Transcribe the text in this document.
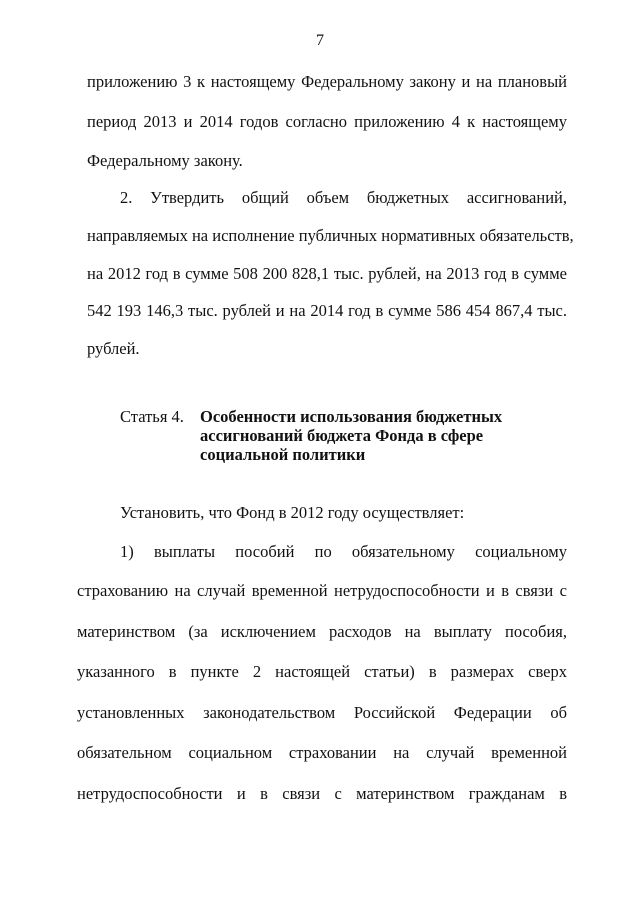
7
приложению 3 к настоящему Федеральному закону и на плановый
период 2013 и 2014 годов согласно приложению 4 к настоящему
Федеральному закону.
2. Утвердить общий объем бюджетных ассигнований,
направляемых на исполнение публичных нормативных обязательств,
на 2012 год в сумме 508 200 828,1 тыс. рублей, на 2013 год в сумме
542 193 146,3 тыс. рублей и на 2014 год в сумме 586 454 867,4 тыс.
рублей.
Статья 4. Особенности использования бюджетных
ассигнований бюджета Фонда в сфере
социальной политики
Установить, что Фонд в 2012 году осуществляет:
1) выплаты пособий по обязательному социальному
страхованию на случай временной нетрудоспособности и в связи с
материнством (за исключением расходов на выплату пособия,
указанного в пункте 2 настоящей статьи) в размерах сверх
установленных законодательством Российской Федерации об
обязательном социальном страховании на случай временной
нетрудоспособности и в связи с материнством гражданам в
